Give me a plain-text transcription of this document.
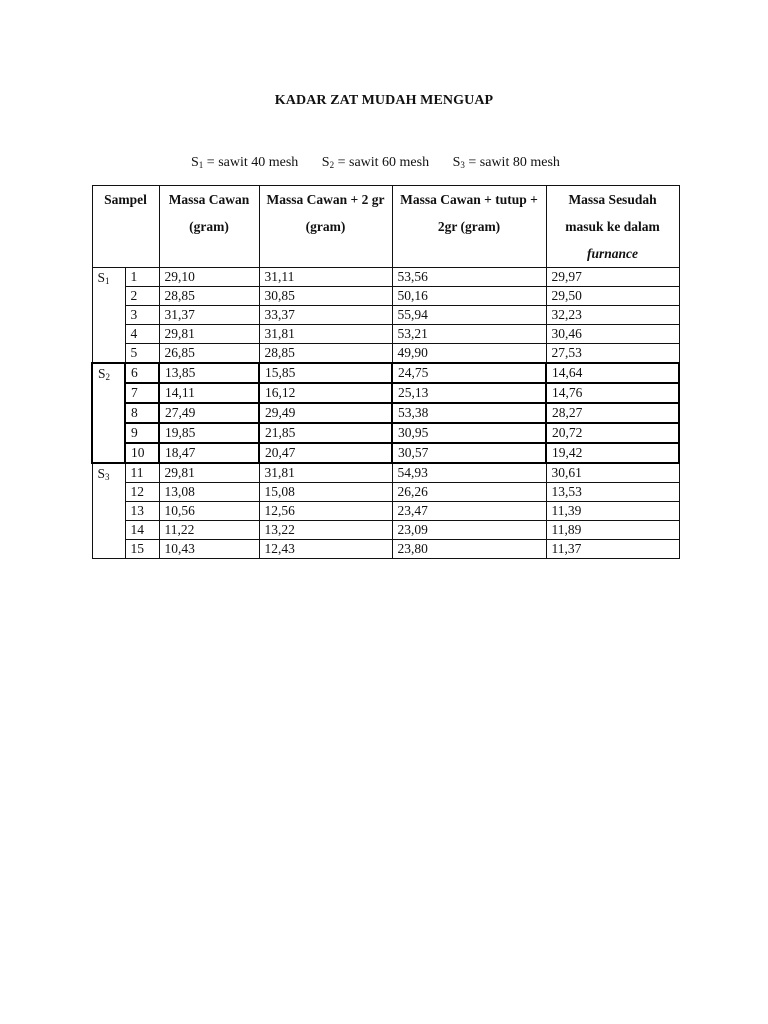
KADAR ZAT MUDAH MENGUAP
$S_1$ = sawit 40 mesh $S_2$ = sawit 60 mesh $S_3$ = sawit 80 mesh
Sampel		Massa Cawan (gram)	Massa Cawan + 2 gr (gram)	Massa Cawan + tutup + 2gr (gram)	Massa Sesudah masuk ke dalam
furnance
$S_1$	1	29,10	31,11	53,56	29,97
	2	28,85	30,85	50,16	29,50
	3	31,37	33,37	55,94	32,23
	4	29,81	31,81	53,21	30,46
	5	26,85	28,85	49,90	27,53
$S_2$	6	13,85	15,85	24,75	14,64
	7	14,11	16,12	25,13	14,76
	8	27,49	29,49	53,38	28,27
	9	19,85	21,85	30,95	20,72
	10	18,47	20,47	30,57	19,42
$S_3$	11	29,81	31,81	54,93	30,61
	12	13,08	15,08	26,26	13,53
	13	10,56	12,56	23,47	11,39
	14	11,22	13,22	23,09	11,89
	15	10,43	12,43	23,80	11,37
